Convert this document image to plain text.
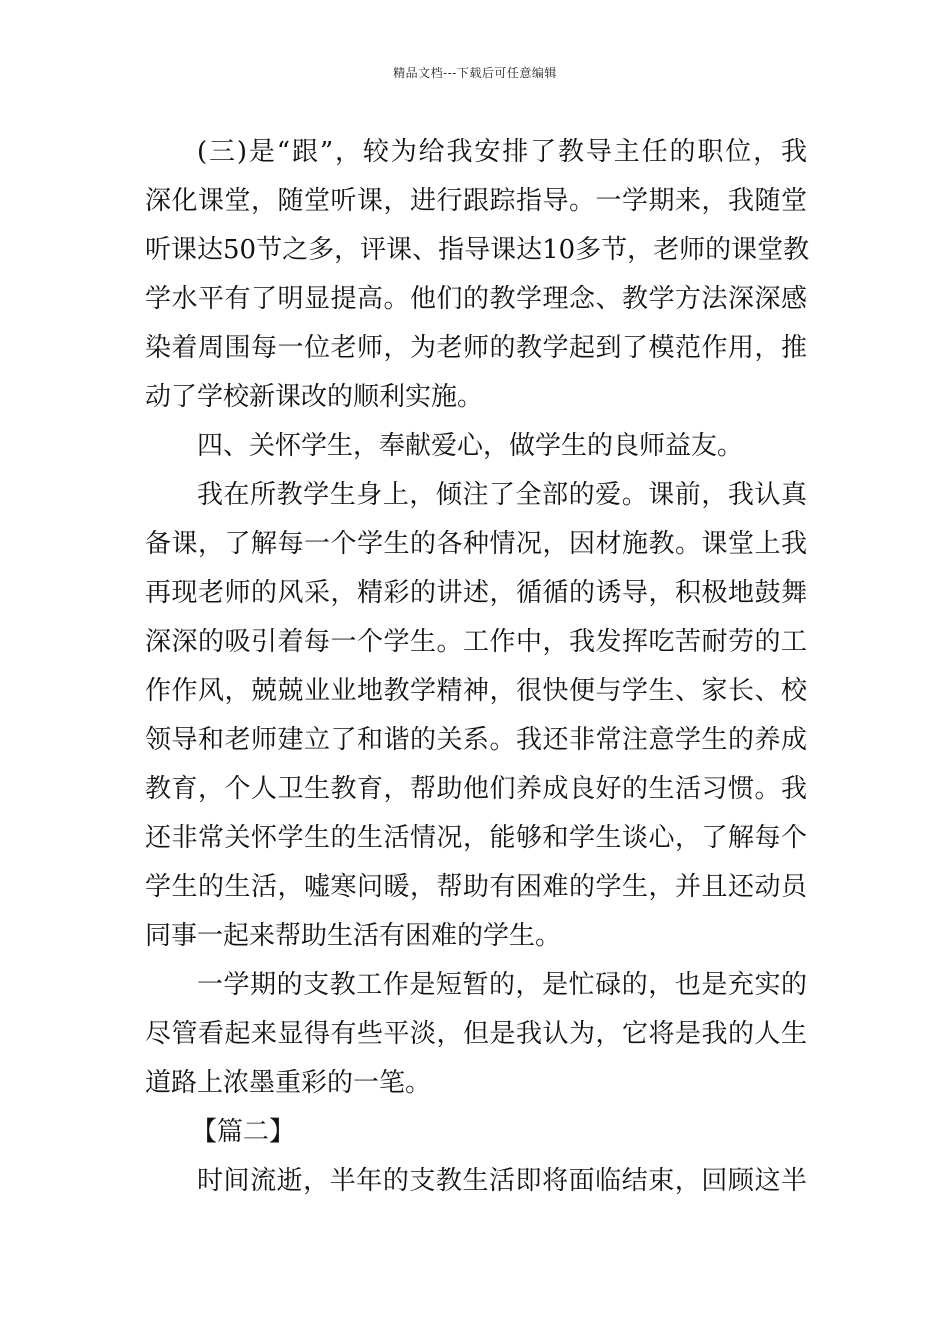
精品文档---下载后可任意编辑
(三)是“跟”，较为给我安排了教导主任的职位，我
深化课堂，随堂听课，进行跟踪指导。一学期来，我随堂
听课达50节之多，评课、指导课达10多节，老师的课堂教
学水平有了明显提高。他们的教学理念、教学方法深深感
染着周围每一位老师，为老师的教学起到了模范作用，推
动了学校新课改的顺利实施。
四、关怀学生，奉献爱心，做学生的良师益友。
我在所教学生身上，倾注了全部的爱。课前，我认真
备课，了解每一个学生的各种情况，因材施教。课堂上我
再现老师的风采，精彩的讲述，循循的诱导，积极地鼓舞
深深的吸引着每一个学生。工作中，我发挥吃苦耐劳的工
作作风，兢兢业业地教学精神，很快便与学生、家长、校
领导和老师建立了和谐的关系。我还非常注意学生的养成
教育，个人卫生教育，帮助他们养成良好的生活习惯。我
还非常关怀学生的生活情况，能够和学生谈心，了解每个
学生的生活，嘘寒问暖，帮助有困难的学生，并且还动员
同事一起来帮助生活有困难的学生。
一学期的支教工作是短暂的，是忙碌的，也是充实的
尽管看起来显得有些平淡，但是我认为，它将是我的人生
道路上浓墨重彩的一笔。
【篇二】
时间流逝，半年的支教生活即将面临结束，回顾这半
